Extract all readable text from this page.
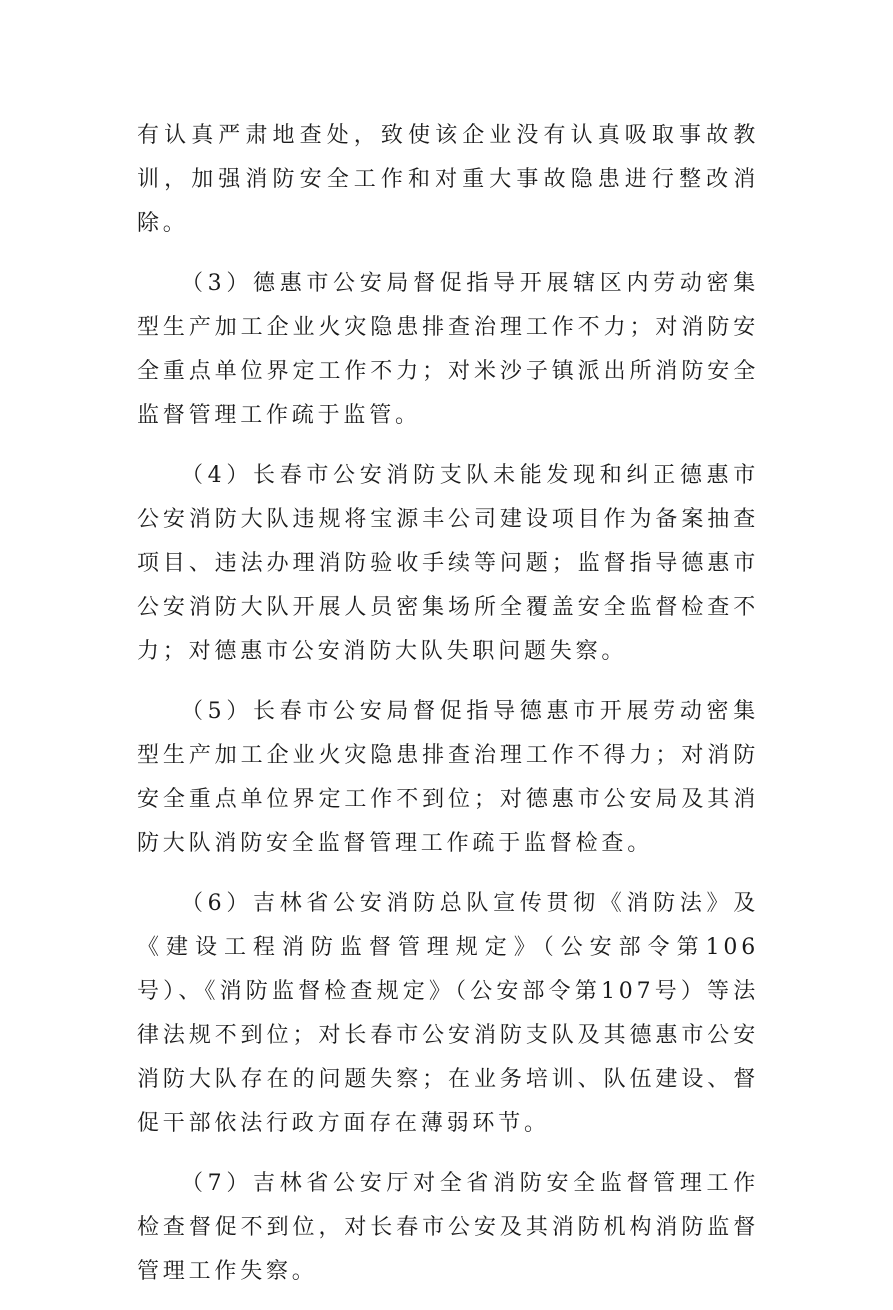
有认真严肃地查处，致使该企业没有认真吸取事故教训，加强消防安全工作和对重大事故隐患进行整改消除。

（3）德惠市公安局督促指导开展辖区内劳动密集型生产加工企业火灾隐患排查治理工作不力；对消防安全重点单位界定工作不力；对米沙子镇派出所消防安全监督管理工作疏于监管。

（4）长春市公安消防支队未能发现和纠正德惠市公安消防大队违规将宝源丰公司建设项目作为备案抽查项目、违法办理消防验收手续等问题；监督指导德惠市公安消防大队开展人员密集场所全覆盖安全监督检查不力；对德惠市公安消防大队失职问题失察。

（5）长春市公安局督促指导德惠市开展劳动密集型生产加工企业火灾隐患排查治理工作不得力；对消防安全重点单位界定工作不到位；对德惠市公安局及其消防大队消防安全监督管理工作疏于监督检查。

（6）吉林省公安消防总队宣传贯彻《消防法》及《建设工程消防监督管理规定》（公安部令第106号）、《消防监督检查规定》（公安部令第107号）等法律法规不到位；对长春市公安消防支队及其德惠市公安消防大队存在的问题失察；在业务培训、队伍建设、督促干部依法行政方面存在薄弱环节。

（7）吉林省公安厅对全省消防安全监督管理工作检查督促不到位，对长春市公安及其消防机构消防监督管理工作失察。
